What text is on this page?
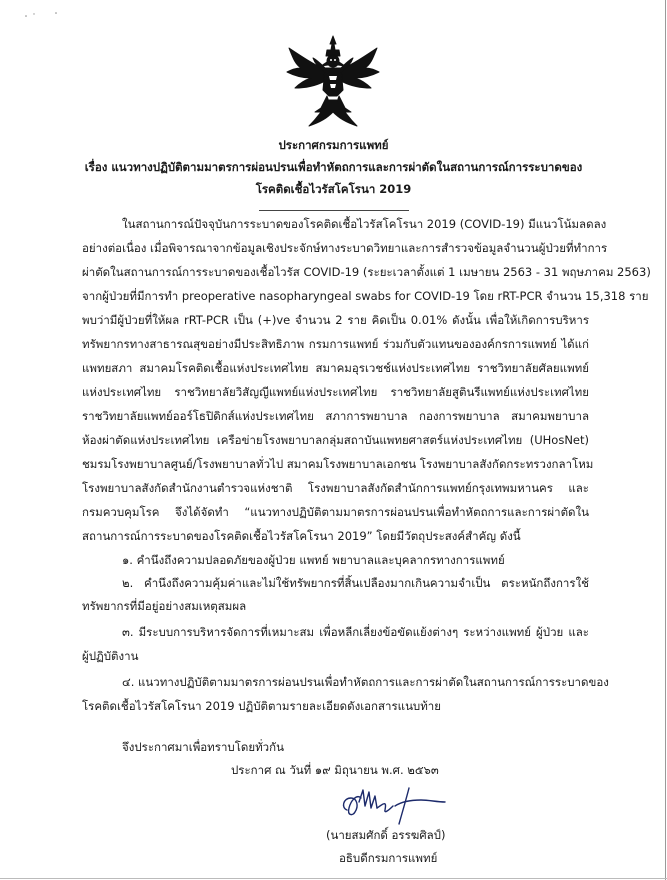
ประกาศกรมการแพทย์
เรื่อง แนวทางปฏิบัติตามมาตรการผ่อนปรนเพื่อทำหัตถการและการผ่าตัดในสถานการณ์การระบาดของ
โรคติดเชื้อไวรัสโคโรนา 2019
ในสถานการณ์ปัจจุบันการระบาดของโรคติดเชื้อไวรัสโคโรนา 2019 (COVID-19) มีแนวโน้มลดลง
อย่างต่อเนื่อง เมื่อพิจารณาจากข้อมูลเชิงประจักษ์ทางระบาดวิทยาและการสำรวจข้อมูลจำนวนผู้ป่วยที่ทำการ
ผ่าตัดในสถานการณ์การระบาดของเชื้อไวรัส COVID-19 (ระยะเวลาตั้งแต่ 1 เมษายน 2563 - 31 พฤษภาคม 2563)
จากผู้ป่วยที่มีการทำ preoperative nasopharyngeal swabs for COVID-19 โดย rRT-PCR จำนวน 15,318 ราย
พบว่ามีผู้ป่วยที่ให้ผล rRT-PCR เป็น (+)ve จำนวน 2 ราย คิดเป็น 0.01% ดังนั้น เพื่อให้เกิดการบริหาร
ทรัพยากรทางสาธารณสุขอย่างมีประสิทธิภาพ กรมการแพทย์ ร่วมกับตัวแทนขององค์กรการแพทย์ ได้แก่
แพทยสภา สมาคมโรคติดเชื้อแห่งประเทศไทย สมาคมอุรเวชช์แห่งประเทศไทย ราชวิทยาลัยศัลยแพทย์
แห่งประเทศไทย ราชวิทยาลัยวิสัญญีแพทย์แห่งประเทศไทย ราชวิทยาลัยสูตินรีแพทย์แห่งประเทศไทย
ราชวิทยาลัยแพทย์ออร์โธปิดิกส์แห่งประเทศไทย สภาการพยาบาล กองการพยาบาล สมาคมพยาบาล
ห้องผ่าตัดแห่งประเทศไทย เครือข่ายโรงพยาบาลกลุ่มสถาบันแพทยศาสตร์แห่งประเทศไทย (UHosNet)
ชมรมโรงพยาบาลศูนย์/โรงพยาบาลทั่วไป สมาคมโรงพยาบาลเอกชน โรงพยาบาลสังกัดกระทรวงกลาโหม
โรงพยาบาลสังกัดสำนักงานตำรวจแห่งชาติ โรงพยาบาลสังกัดสำนักการแพทย์กรุงเทพมหานคร และ
กรมควบคุมโรค จึงได้จัดทำ “แนวทางปฏิบัติตามมาตรการผ่อนปรนเพื่อทำหัตถการและการผ่าตัดใน
สถานการณ์การระบาดของโรคติดเชื้อไวรัสโคโรนา 2019” โดยมีวัตถุประสงค์สำคัญ ดังนี้
๑. คำนึงถึงความปลอดภัยของผู้ป่วย แพทย์ พยาบาลและบุคลากรทางการแพทย์
๒. คำนึงถึงความคุ้มค่าและไม่ใช้ทรัพยากรที่สิ้นเปลืองมากเกินความจำเป็น ตระหนักถึงการใช้
ทรัพยากรที่มีอยู่อย่างสมเหตุสมผล
๓. มีระบบการบริหารจัดการที่เหมาะสม เพื่อหลีกเลี่ยงข้อขัดแย้งต่างๆ ระหว่างแพทย์ ผู้ป่วย และ
ผู้ปฏิบัติงาน
๔. แนวทางปฏิบัติตามมาตรการผ่อนปรนเพื่อทำหัตถการและการผ่าตัดในสถานการณ์การระบาดของ
โรคติดเชื้อไวรัสโคโรนา 2019 ปฏิบัติตามรายละเอียดดังเอกสารแนบท้าย
จึงประกาศมาเพื่อทราบโดยทั่วกัน
ประกาศ ณ วันที่ ๑๙ มิถุนายน พ.ศ. ๒๕๖๓
(นายสมศักดิ์ อรรฆศิลป์)
อธิบดีกรมการแพทย์
